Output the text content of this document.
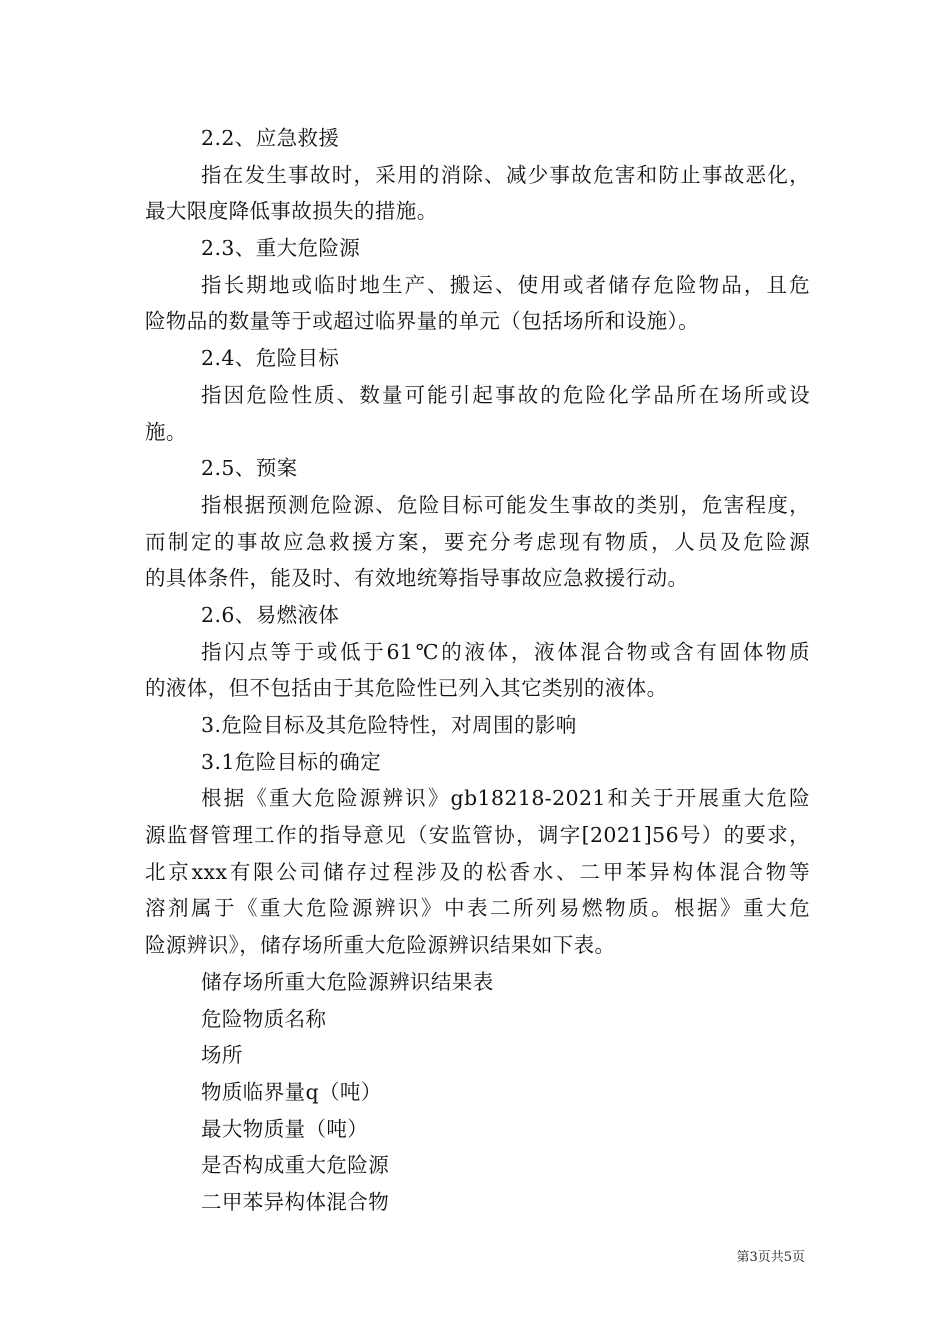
2.2、应急救援
指在发生事故时，采用的消除、减少事故危害和防止事故恶化，
最大限度降低事故损失的措施。
2.3、重大危险源
指长期地或临时地生产、搬运、使用或者储存危险物品，且危
险物品的数量等于或超过临界量的单元（包括场所和设施）。
2.4、危险目标
指因危险性质、数量可能引起事故的危险化学品所在场所或设
施。
2.5、预案
指根据预测危险源、危险目标可能发生事故的类别，危害程度，
而制定的事故应急救援方案，要充分考虑现有物质，人员及危险源
的具体条件，能及时、有效地统筹指导事故应急救援行动。
2.6、易燃液体
指闪点等于或低于61℃的液体，液体混合物或含有固体物质
的液体，但不包括由于其危险性已列入其它类别的液体。
3.危险目标及其危险特性，对周围的影响
3.1危险目标的确定
根据《重大危险源辨识》gb18218-2021和关于开展重大危险
源监督管理工作的指导意见（安监管协，调字[2021]56号）的要求，
北京xxx有限公司储存过程涉及的松香水、二甲苯异构体混合物等
溶剂属于《重大危险源辨识》中表二所列易燃物质。根据》重大危
险源辨识》，储存场所重大危险源辨识结果如下表。
储存场所重大危险源辨识结果表
危险物质名称
场所
物质临界量q（吨）
最大物质量（吨）
是否构成重大危险源
二甲苯异构体混合物
第3页共5页
